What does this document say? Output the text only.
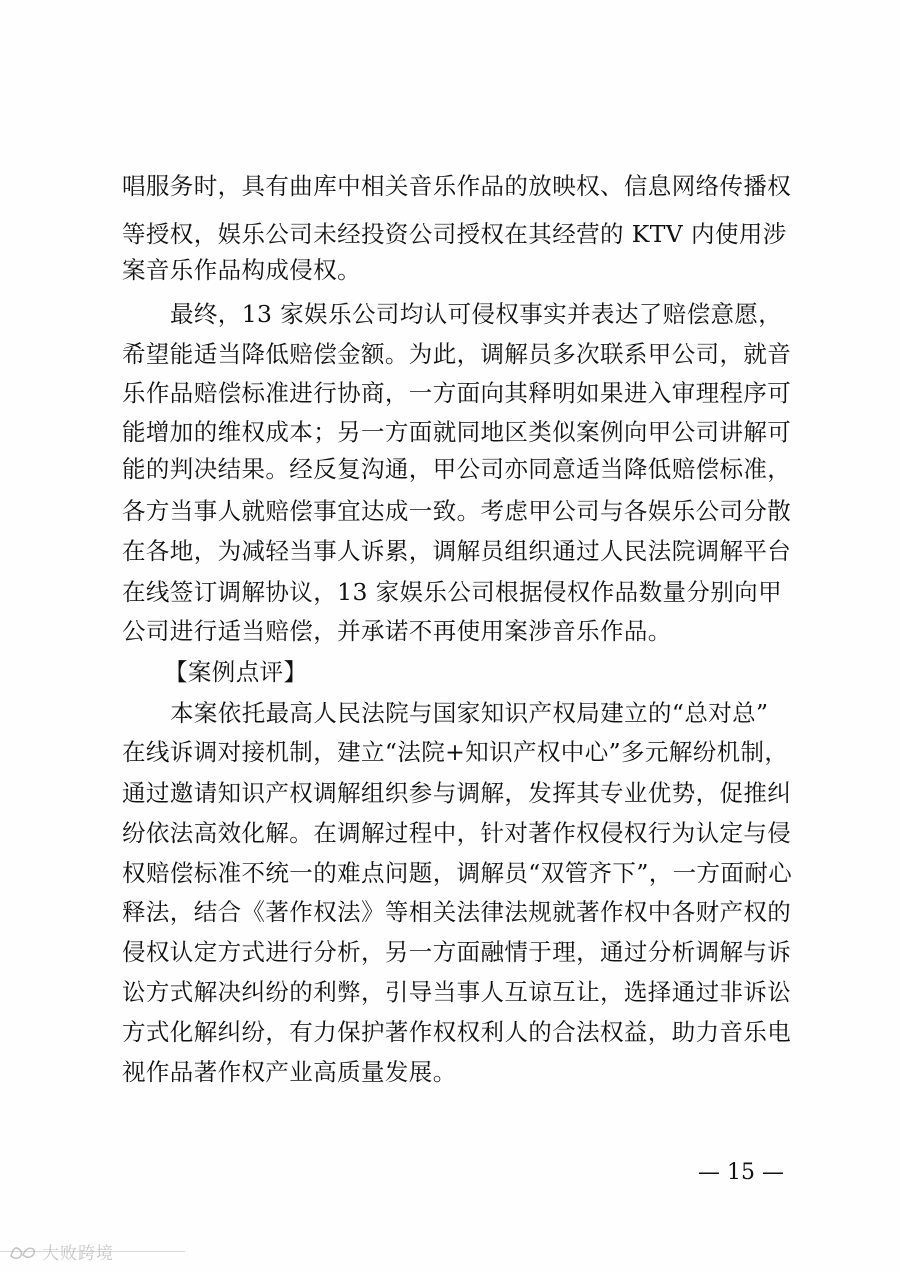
唱服务时，具有曲库中相关音乐作品的放映权、信息网络传播权
等授权，娱乐公司未经投资公司授权在其经营的 KTV 内使用涉
案音乐作品构成侵权。
最终，13 家娱乐公司均认可侵权事实并表达了赔偿意愿，
希望能适当降低赔偿金额。为此，调解员多次联系甲公司，就音
乐作品赔偿标准进行协商，一方面向其释明如果进入审理程序可
能增加的维权成本；另一方面就同地区类似案例向甲公司讲解可
能的判决结果。经反复沟通，甲公司亦同意适当降低赔偿标准，
各方当事人就赔偿事宜达成一致。考虑甲公司与各娱乐公司分散
在各地，为减轻当事人诉累，调解员组织通过人民法院调解平台
在线签订调解协议，13 家娱乐公司根据侵权作品数量分别向甲
公司进行适当赔偿，并承诺不再使用案涉音乐作品。
【案例点评】
本案依托最高人民法院与国家知识产权局建立的“总对总”
在线诉调对接机制，建立“法院+知识产权中心”多元解纷机制，
通过邀请知识产权调解组织参与调解，发挥其专业优势，促推纠
纷依法高效化解。在调解过程中，针对著作权侵权行为认定与侵
权赔偿标准不统一的难点问题，调解员“双管齐下”，一方面耐心
释法，结合《著作权法》等相关法律法规就著作权中各财产权的
侵权认定方式进行分析，另一方面融情于理，通过分析调解与诉
讼方式解决纠纷的利弊，引导当事人互谅互让，选择通过非诉讼
方式化解纠纷，有力保护著作权权利人的合法权益，助力音乐电
视作品著作权产业高质量发展。
— 15 —
大败跨境
